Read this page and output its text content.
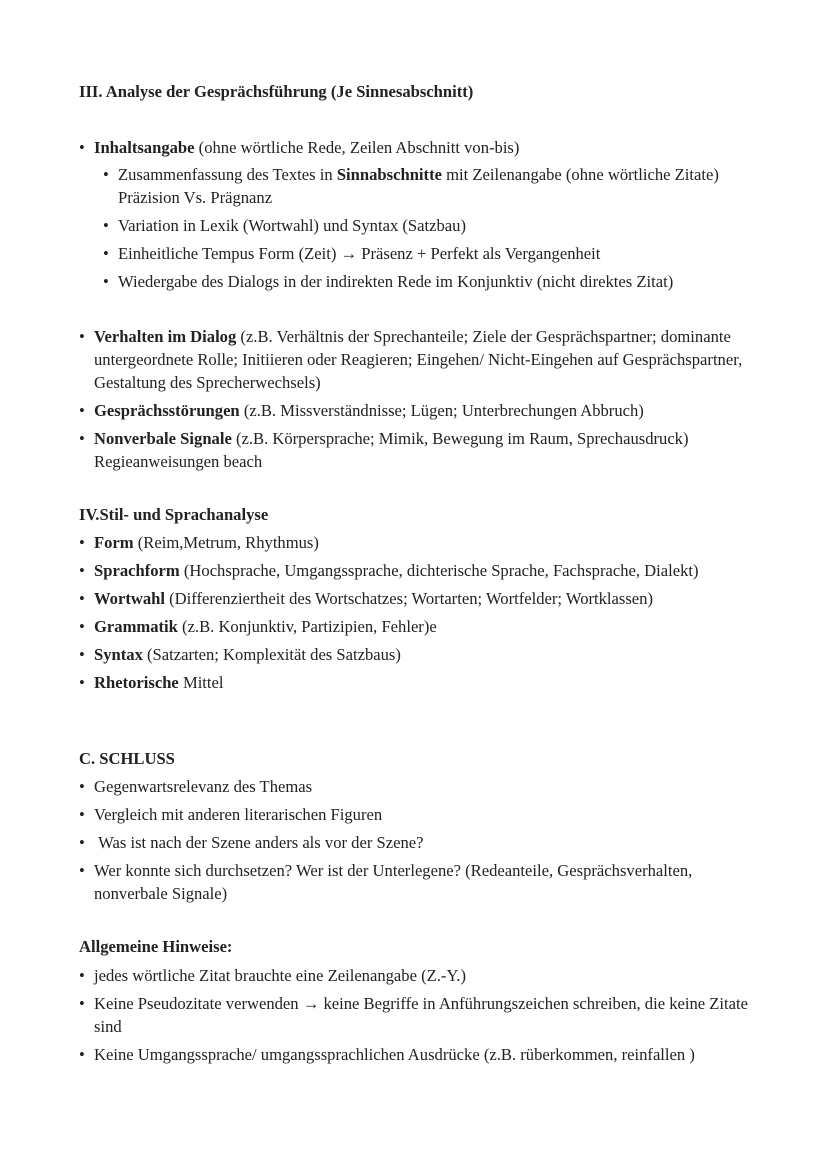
III. Analyse der Gesprächsführung (Je Sinnesabschnitt)
• Inhaltsangabe (ohne wörtliche Rede, Zeilen Abschnitt von-bis)
• Zusammenfassung des Textes in Sinnabschnitte mit Zeilenangabe (ohne wörtliche Zitate) Präzision Vs. Prägnanz
• Variation in Lexik (Wortwahl) und Syntax (Satzbau)
• Einheitliche Tempus Form (Zeit) → Präsenz + Perfekt als Vergangenheit
• Wiedergabe des Dialogs in der indirekten Rede im Konjunktiv (nicht direktes Zitat)
• Verhalten im Dialog (z.B. Verhältnis der Sprechanteile; Ziele der Gesprächspartner; dominante untergeordnete Rolle; Initiieren oder Reagieren; Eingehen/ Nicht-Eingehen auf Gesprächspartner, Gestaltung des Sprecherwechsels)
• Gesprächsstörungen (z.B. Missverständnisse; Lügen; Unterbrechungen Abbruch)
• Nonverbale Signale (z.B. Körpersprache; Mimik, Bewegung im Raum, Sprechausdruck) Regieanweisungen beach
IV.Stil- und Sprachanalyse
• Form (Reim,Metrum, Rhythmus)
• Sprachform (Hochsprache, Umgangssprache, dichterische Sprache, Fachsprache, Dialekt)
• Wortwahl (Differenziertheit des Wortschatzes; Wortarten; Wortfelder; Wortklassen)
• Grammatik (z.B. Konjunktiv, Partizipien, Fehler)e
• Syntax (Satzarten; Komplexität des Satzbaus)
• Rhetorische Mittel
C. SCHLUSS
• Gegenwartsrelevanz des Themas
• Vergleich mit anderen literarischen Figuren
•  Was ist nach der Szene anders als vor der Szene?
• Wer konnte sich durchsetzen? Wer ist der Unterlegene? (Redeanteile, Gesprächsverhalten, nonverbale Signale)
Allgemeine Hinweise:
• jedes wörtliche Zitat brauchte eine Zeilenangabe (Z.-Y.)
• Keine Pseudozitate verwenden → keine Begriffe in Anführungszeichen schreiben, die keine Zitate sind
• Keine Umgangssprache/ umgangssprachlichen Ausdrücke (z.B. rüberkommen, reinfallen )
